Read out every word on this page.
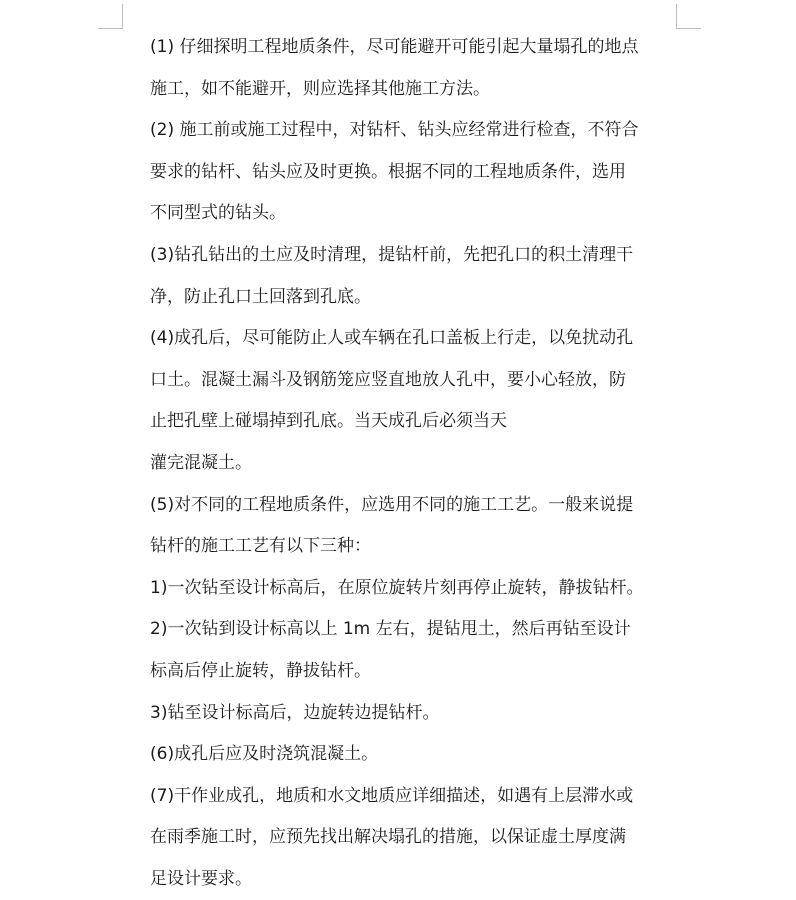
(1) 仔细探明工程地质条件，尽可能避开可能引起大量塌孔的地点
施工，如不能避开，则应选择其他施工方法。
(2) 施工前或施工过程中，对钻杆、钻头应经常进行检查，不符合
要求的钻杆、钻头应及时更换。根据不同的工程地质条件，选用
不同型式的钻头。
(3)钻孔钻出的土应及时清理，提钻杆前，先把孔口的积土清理干
净，防止孔口土回落到孔底。
(4)成孔后，尽可能防止人或车辆在孔口盖板上行走，以免扰动孔
口土。混凝土漏斗及钢筋笼应竖直地放人孔中，要小心轻放，防
止把孔壁上碰塌掉到孔底。当天成孔后必须当天
灌完混凝土。
(5)对不同的工程地质条件，应选用不同的施工工艺。一般来说提
钻杆的施工工艺有以下三种：
1)一次钻至设计标高后，在原位旋转片刻再停止旋转，静拔钻杆。
2)一次钻到设计标高以上 1m 左右，提钻甩土，然后再钻至设计
标高后停止旋转，静拔钻杆。
3)钻至设计标高后，边旋转边提钻杆。
(6)成孔后应及时浇筑混凝土。
(7)干作业成孔，地质和水文地质应详细描述，如遇有上层滞水或
在雨季施工时，应预先找出解决塌孔的措施，以保证虚土厚度满
足设计要求。
